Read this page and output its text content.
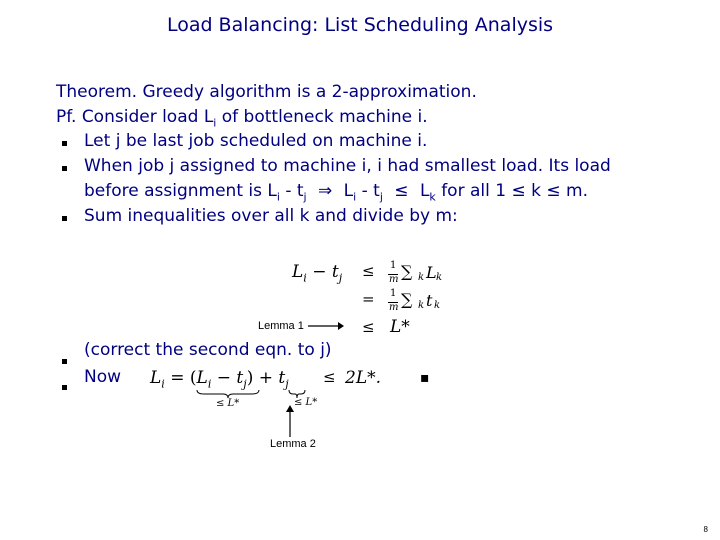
Load Balancing: List Scheduling Analysis
Theorem. Greedy algorithm is a 2-approximation.
Pf. Consider load $L_i$ of bottleneck machine i.
Let j be last job scheduled on machine i.
When job j assigned to machine i, i had smallest load. Its load
before assignment is $L_i - t_j$ ⇒ $L_i - t_j \le L_k$ for all 1 ≤ k ≤ m.
Sum inequalities over all k and divide by m:
$L_i - t_j$ ≤
=
≤
1
m ∑ k L k
1
m ∑ k t k
L*
Lemma 1
(correct the second eqn. to j)
Now $L_i = (L_i - t_j) + t_j \le 2L*$.
≤ L*	≤ L*
Lemma 2
▪
8
